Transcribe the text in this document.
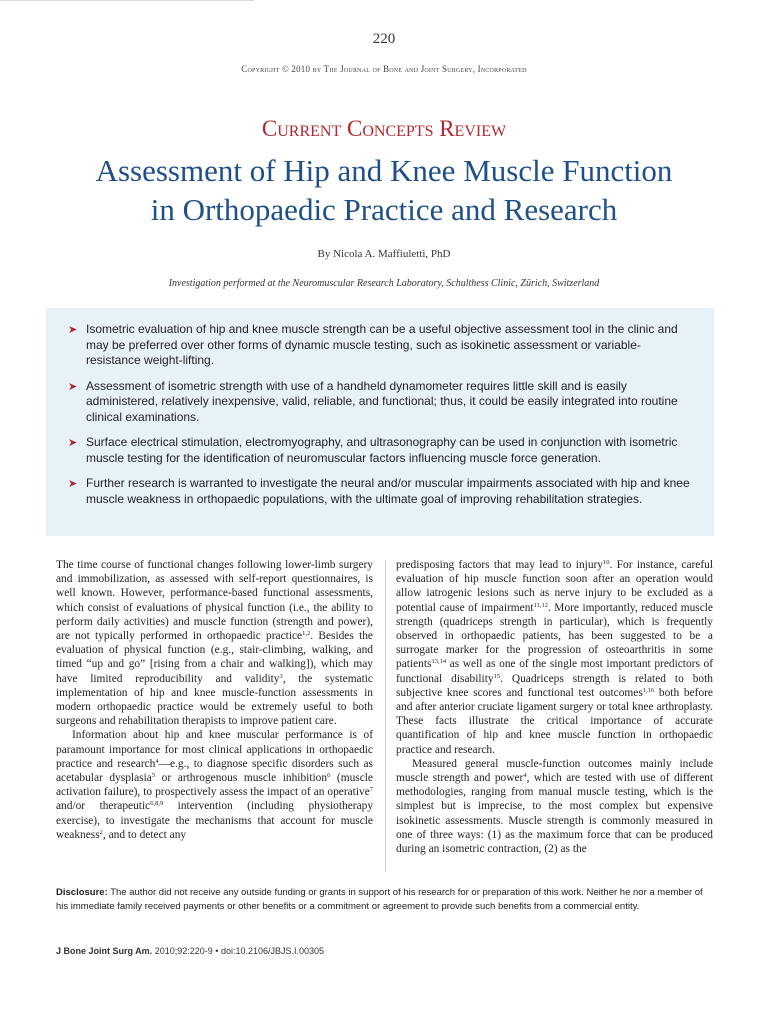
220
Copyright © 2010 by The Journal of Bone and Joint Surgery, Incorporated
Current Concepts Review
Assessment of Hip and Knee Muscle Function
in Orthopaedic Practice and Research
By Nicola A. Maffiuletti, PhD
Investigation performed at the Neuromuscular Research Laboratory, Schulthess Clinic, Zürich, Switzerland
➤ Isometric evaluation of hip and knee muscle strength can be a useful objective assessment tool in the clinic and may be preferred over other forms of dynamic muscle testing, such as isokinetic assessment or variable-resistance weight-lifting.
➤ Assessment of isometric strength with use of a handheld dynamometer requires little skill and is easily administered, relatively inexpensive, valid, reliable, and functional; thus, it could be easily integrated into routine clinical examinations.
➤ Surface electrical stimulation, electromyography, and ultrasonography can be used in conjunction with isometric muscle testing for the identification of neuromuscular factors influencing muscle force generation.
➤ Further research is warranted to investigate the neural and/or muscular impairments associated with hip and knee muscle weakness in orthopaedic populations, with the ultimate goal of improving rehabilitation strategies.

The time course of functional changes following lower-limb surgery and immobilization, as assessed with self-report questionnaires, is well known. However, performance-based functional assessments, which consist of evaluations of physical function (i.e., the ability to perform daily activities) and muscle function (strength and power), are not typically performed in orthopaedic practice$^{1,2}$. Besides the evaluation of physical function (e.g., stair-climbing, walking, and timed “up and go” [rising from a chair and walking]), which may have limited reproducibility and validity$^3$, the systematic implementation of hip and knee muscle-function assessments in modern orthopaedic practice would be extremely useful to both surgeons and rehabilitation therapists to improve patient care.

Information about hip and knee muscular performance is of paramount importance for most clinical applications in orthopaedic practice and research$^4$—e.g., to diagnose specific disorders such as acetabular dysplasia$^5$ or arthrogenous muscle inhibition$^6$ (muscle activation failure), to prospectively assess the impact of an operative$^7$ and/or therapeutic$^{6,8,9}$ intervention (including physiotherapy exercise), to investigate the mechanisms that account for muscle weakness$^2$, and to detect any

predisposing factors that may lead to injury$^{10}$. For instance, careful evaluation of hip muscle function soon after an operation would allow iatrogenic lesions such as nerve injury to be excluded as a potential cause of impairment$^{11,12}$. More importantly, reduced muscle strength (quadriceps strength in particular), which is frequently observed in orthopaedic patients, has been suggested to be a surrogate marker for the progression of osteoarthritis in some patients$^{13,14}$ as well as one of the single most important predictors of functional disability$^{15}$. Quadriceps strength is related to both subjective knee scores and functional test outcomes$^{1,16}$ both before and after anterior cruciate ligament surgery or total knee arthroplasty. These facts illustrate the critical importance of accurate quantification of hip and knee muscle function in orthopaedic practice and research.

Measured general muscle-function outcomes mainly include muscle strength and power$^4$, which are tested with use of different methodologies, ranging from manual muscle testing, which is the simplest but is imprecise, to the most complex but expensive isokinetic assessments. Muscle strength is commonly measured in one of three ways: (1) as the maximum force that can be produced during an isometric contraction, (2) as the

Disclosure: The author did not receive any outside funding or grants in support of his research for or preparation of this work. Neither he nor a member of his immediate family received payments or other benefits or a commitment or agreement to provide such benefits from a commercial entity.
J Bone Joint Surg Am. 2010;92:220-9 • doi:10.2106/JBJS.I.00305
